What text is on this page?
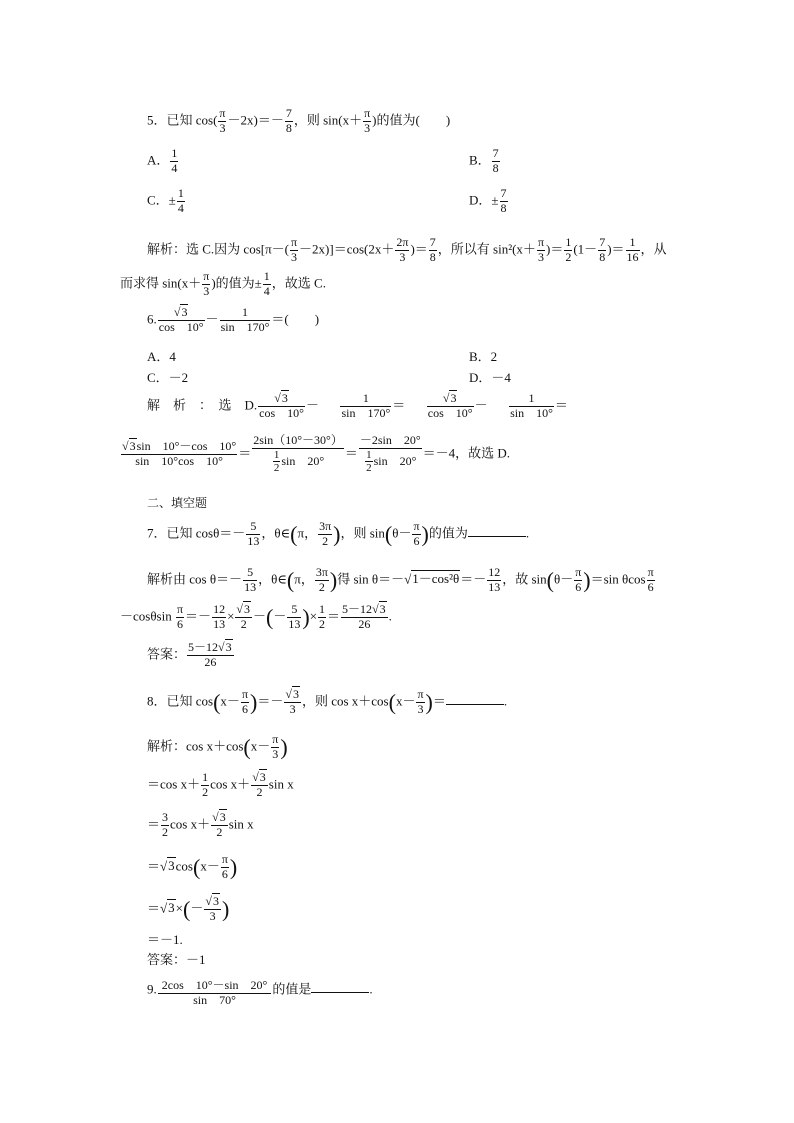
5．已知 $\cos( \frac{\pi}{3} -2x)=- \frac{7}{8}$ ，则 $\sin(x+ \frac{\pi}{3}$ )的值为(　　)
A． $\frac{1}{4}$	B． $\frac{7}{8}$
C．± $\frac{1}{4}$	D．± $\frac{7}{8}$
解析：选 C.因为 $\cos[\pi-( \frac{\pi}{3} -2x)]=\cos(2x+ \frac{2\pi}{3}$ )＝ $\frac{7}{8}$ ，所以有 $\sin^2(x+ \frac{\pi}{3}$ )＝ $\frac{1}{2} (1- \frac{7}{8}$ )＝ $\frac{1}{16}$ ，从
而求得 $\sin(x+ \frac{\pi}{3}$ )的值为± $\frac{1}{4}$ ，故选 C.
6. $\frac{√3}{\cos 10^\circ} - \frac{1}{\sin 170^\circ}$ ＝(　　)
A．4	B．2
C．－2	D．－4
解　析　：　选　D. $\frac{√3}{\cos 10^\circ} - \frac{1}{\sin 170^\circ} = \frac{√3}{\cos 10^\circ} - \frac{1}{\sin 10^\circ}$ ＝
$\frac{√3\sin 10^\circ-\cos 10^\circ}{\sin 10^\circ\cos 10^\circ} = \frac{2\sin(10^\circ-30^\circ)}{\frac{1}{2} \sin 20^\circ} = \frac{-2\sin 20^\circ}{\frac{1}{2} \sin 20^\circ} =-4$，故选 D.
二、填空题
7．已知 $\cos\theta=- \frac{5}{13}$ ，θ∈(π， $\frac{3\pi}{2}$ )，则 $\sin(\theta- \frac{\pi}{6}$ )的值为	.
解析由 $\cos \theta=- \frac{5}{13}$ ，θ∈(π， $\frac{3\pi}{2}$ )得 $\sin \theta=-√1-\cos^2\theta=- \frac{12}{13}$ ，故 $\sin(\theta- \frac{\pi}{6} )=\sin$ θcos $\frac{\pi}{6}$
$-\cos\theta\sin \frac{\pi}{6} =- \frac{12}{13} \times \frac{√3}{2}$ －(－ $\frac{5}{13}$ )× $\frac{1}{2} = \frac{5-12√3}{26}$ .
答案： $\frac{5-12√3}{26}$
8．已知 $\cos(x- \frac{\pi}{6}$ )＝－ $\frac{√3}{3}$ ，则 $\cos x+\cos(x- \frac{\pi}{3}$ )＝	.
解析：$\cos x+\cos(x- \frac{\pi}{3}$ )
＝cos $x+ \frac{1}{2}$ $\cos x+ \frac{√3}{2}$ sin x
＝ $\frac{3}{2}$ $\cos x+ \frac{√3}{2}$ sin x
$=√3\cos(x- \frac{\pi}{6}$ )
$=√3\times(- \frac{√3}{3}$ )
＝－1.
答案：－1
9. $\frac{2\cos 10^\circ-\sin 20^\circ}{\sin 70^\circ}$ 的值是	.
